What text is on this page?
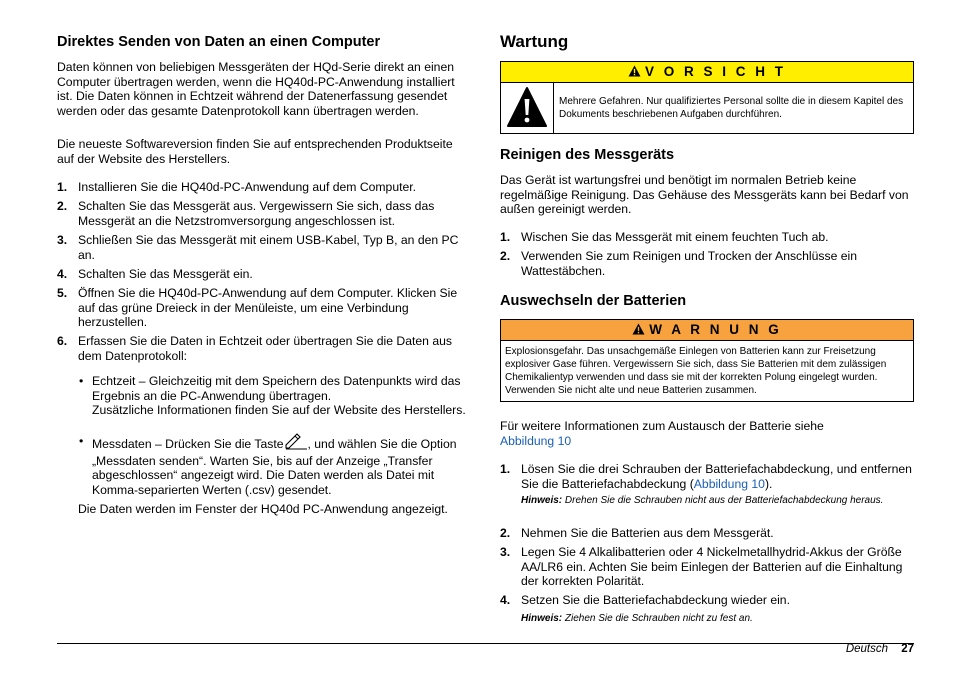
Direktes Senden von Daten an einen Computer

Daten können von beliebigen Messgeräten der HQd-Serie direkt an einen Computer übertragen werden, wenn die HQ40d-PC-Anwendung installiert ist. Die Daten können in Echtzeit während der Datenerfassung gesendet werden oder das gesamte Datenprotokoll kann übertragen werden.

Die neueste Softwareversion finden Sie auf entsprechenden Produktseite auf der Website des Herstellers.

1. Installieren Sie die HQ40d-PC-Anwendung auf dem Computer.
2. Schalten Sie das Messgerät aus. Vergewissern Sie sich, dass das Messgerät an die Netzstromversorgung angeschlossen ist.
3. Schließen Sie das Messgerät mit einem USB-Kabel, Typ B, an den PC an.
4. Schalten Sie das Messgerät ein.
5. Öffnen Sie die HQ40d-PC-Anwendung auf dem Computer. Klicken Sie auf das grüne Dreieck in der Menüleiste, um eine Verbindung herzustellen.
6. Erfassen Sie die Daten in Echtzeit oder übertragen Sie die Daten aus dem Datenprotokoll:
• Echtzeit – Gleichzeitig mit dem Speichern des Datenpunkts wird das Ergebnis an die PC-Anwendung übertragen.
Zusätzliche Informationen finden Sie auf der Website des Herstellers.
• Messdaten – Drücken Sie die Taste , und wählen Sie die Option „Messdaten senden“. Warten Sie, bis auf der Anzeige „Transfer abgeschlossen“ angezeigt wird. Die Daten werden als Datei mit Komma-separierten Werten (.csv) gesendet.

Die Daten werden im Fenster der HQ40d PC-Anwendung angezeigt.

Wartung
V O R S I C H T
Mehrere Gefahren. Nur qualifiziertes Personal sollte die in diesem Kapitel des Dokuments beschriebenen Aufgaben durchführen.
Reinigen des Messgeräts

Das Gerät ist wartungsfrei und benötigt im normalen Betrieb keine regelmäßige Reinigung. Das Gehäuse des Messgeräts kann bei Bedarf von außen gereinigt werden.

1. Wischen Sie das Messgerät mit einem feuchten Tuch ab.
2. Verwenden Sie zum Reinigen und Trocken der Anschlüsse ein Wattestäbchen.
Auswechseln der Batterien
W A R N U N G
Explosionsgefahr. Das unsachgemäße Einlegen von Batterien kann zur Freisetzung explosiver Gase führen. Vergewissern Sie sich, dass Sie Batterien mit dem zulässigen Chemikalientyp verwenden und dass sie mit der korrekten Polung eingelegt wurden. Verwenden Sie nicht alte und neue Batterien zusammen.

Für weitere Informationen zum Austausch der Batterie siehe
Abbildung 10

1. Lösen Sie die drei Schrauben der Batteriefachabdeckung, und entfernen Sie die Batteriefachabdeckung (Abbildung 10).
Hinweis: Drehen Sie die Schrauben nicht aus der Batteriefachabdeckung heraus.
2. Nehmen Sie die Batterien aus dem Messgerät.
3. Legen Sie 4 Alkalibatterien oder 4 Nickelmetallhydrid-Akkus der Größe AA/LR6 ein. Achten Sie beim Einlegen der Batterien auf die Einhaltung der korrekten Polarität.
4. Setzen Sie die Batteriefachabdeckung wieder ein.
Hinweis: Ziehen Sie die Schrauben nicht zu fest an.
Deutsch 27
